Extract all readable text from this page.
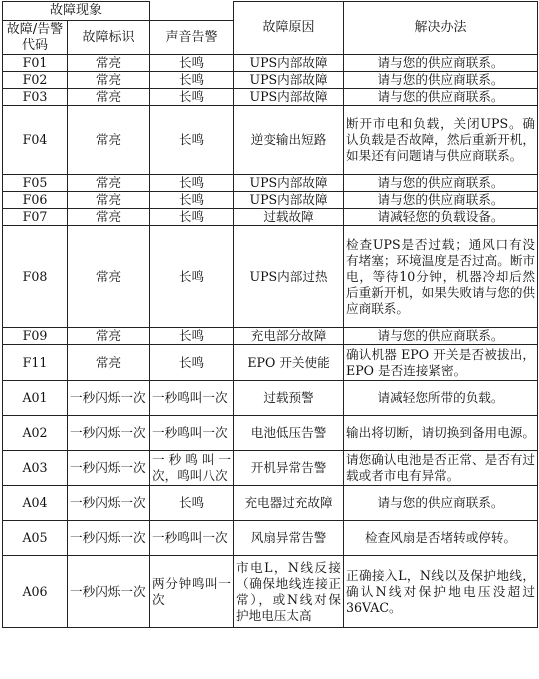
故障现象			故障原因	解决办法
故障/告警代码	故障标识	声音告警		
F01	常亮	长鸣	UPS内部故障	请与您的供应商联系。
F02	常亮	长鸣	UPS内部故障	请与您的供应商联系。
F03	常亮	长鸣	UPS内部故障	请与您的供应商联系。
F04	常亮	长鸣	逆变输出短路	断开市电和负载，关闭UPS。确认负载是否故障，然后重新开机，如果还有问题请与供应商联系。
F05	常亮	长鸣	UPS内部故障	请与您的供应商联系。
F06	常亮	长鸣	UPS内部故障	请与您的供应商联系。
F07	常亮	长鸣	过载故障	请减轻您的负载设备。
F08	常亮	长鸣	UPS内部过热	检查UPS是否过载；通风口有没有堵塞；环境温度是否过高。断市电，等待10分钟，机器冷却后然后重新开机，如果失败请与您的供应商联系。
F09	常亮	长鸣	充电部分故障	请与您的供应商联系。
F11	常亮	长鸣	EPO 开关使能	确认机器 EPO 开关是否被拔出，EPO 是否连接紧密。
A01	一秒闪烁一次	一秒鸣叫一次	过载预警	请减轻您所带的负载。
A02	一秒闪烁一次	一秒鸣叫一次	电池低压告警	输出将切断，请切换到备用电源。
A03	一秒闪烁一次	一秒鸣叫一次，鸣叫八次	开机异常告警	请您确认电池是否正常、是否有过载或者市电有异常。
A04	一秒闪烁一次	长鸣	充电器过充故障	请与您的供应商联系。
A05	一秒闪烁一次	一秒鸣叫一次	风扇异常告警	检查风扇是否堵转或停转。
A06	一秒闪烁一次	两分钟鸣叫一次	市电L，N线反接（确保地线连接正常），或N线对保护地电压太高	正确接入L，N线以及保护地线，确认N线对保护地电压没超过36VAC。
